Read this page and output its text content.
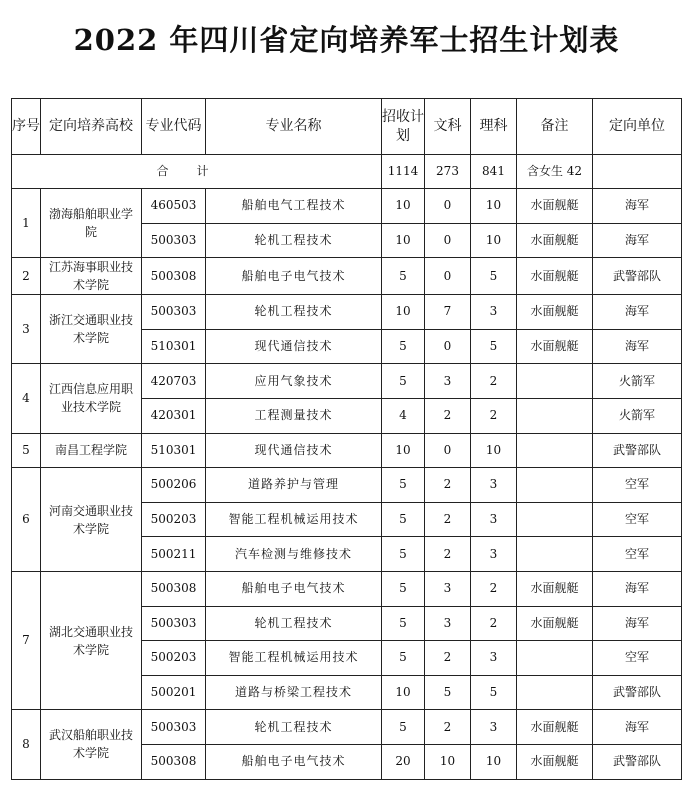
2022 年四川省定向培养军士招生计划表
序号	定向培养高校	专业代码	专业名称	招收计划	文科	理科	备注	定向单位
合计				1114	273	841	含女生 42	
1	渤海船舶职业学院	460503	船舶电气工程技术	10	0	10	水面舰艇	海军
		500303	轮机工程技术	10	0	10	水面舰艇	海军
2	江苏海事职业技术学院	500308	船舶电子电气技术	5	0	5	水面舰艇	武警部队
3	浙江交通职业技术学院	500303	轮机工程技术	10	7	3	水面舰艇	海军
		510301	现代通信技术	5	0	5	水面舰艇	海军
4	江西信息应用职业技术学院	420703	应用气象技术	5	3	2		火箭军
		420301	工程测量技术	4	2	2		火箭军
5	南昌工程学院	510301	现代通信技术	10	0	10		武警部队
6	河南交通职业技术学院	500206	道路养护与管理	5	2	3		空军
		500203	智能工程机械运用技术	5	2	3		空军
		500211	汽车检测与维修技术	5	2	3		空军
7	湖北交通职业技术学院	500308	船舶电子电气技术	5	3	2	水面舰艇	海军
		500303	轮机工程技术	5	3	2	水面舰艇	海军
		500203	智能工程机械运用技术	5	2	3		空军
		500201	道路与桥梁工程技术	10	5	5		武警部队
8	武汉船舶职业技术学院	500303	轮机工程技术	5	2	3	水面舰艇	海军
		500308	船舶电子电气技术	20	10	10	水面舰艇	武警部队
